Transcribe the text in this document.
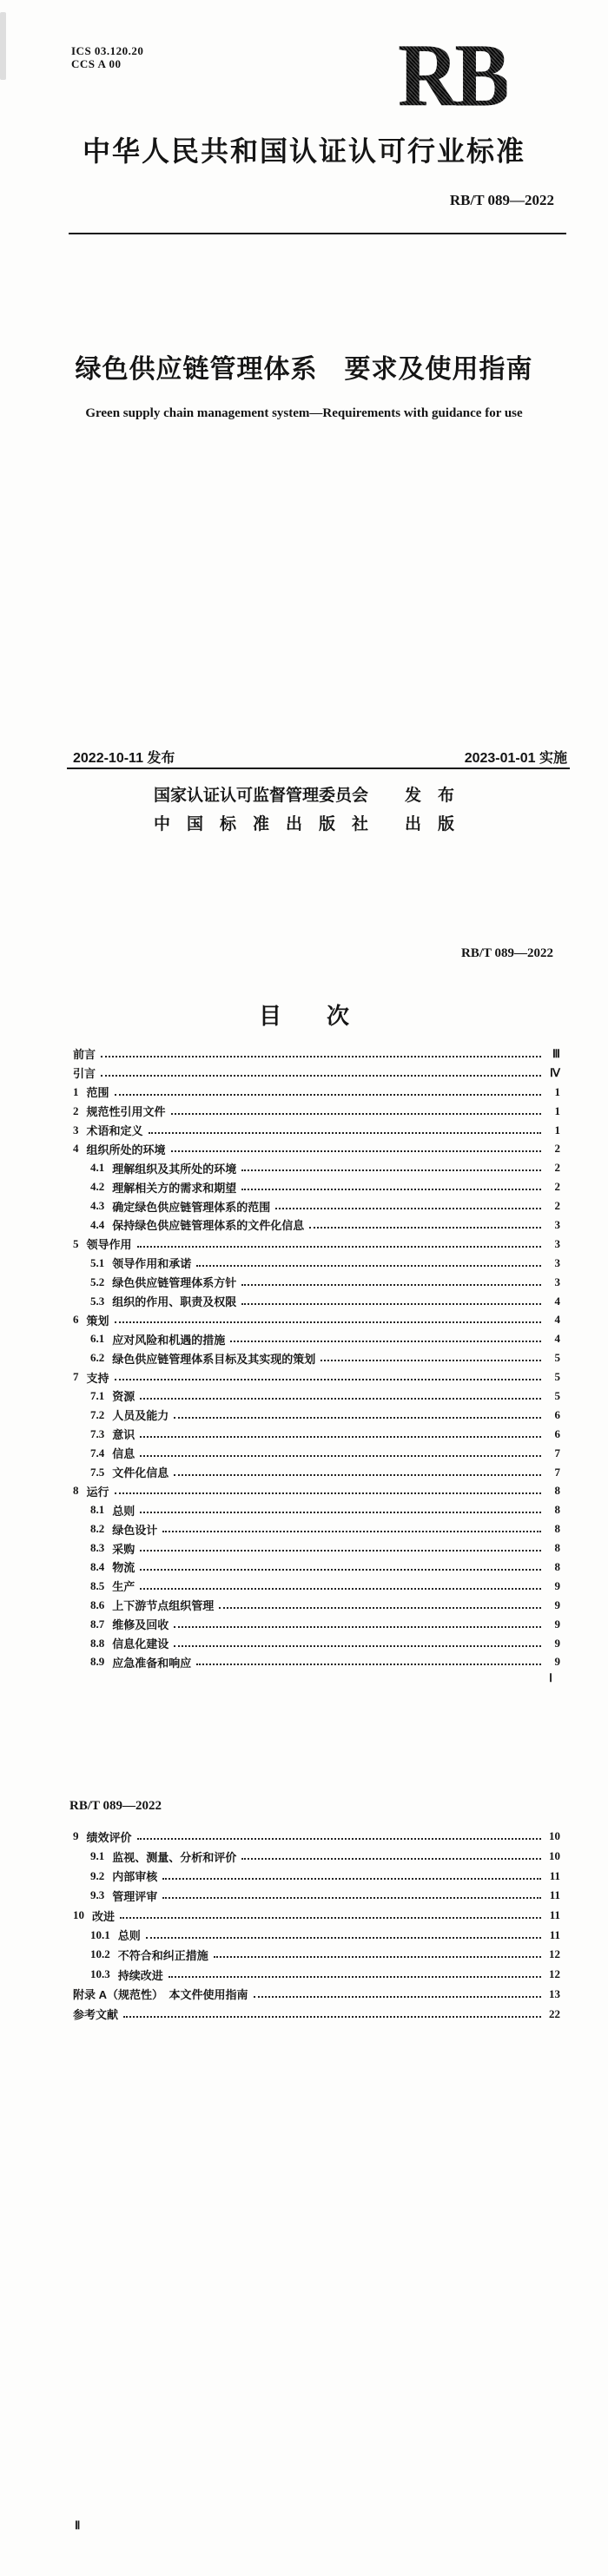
ICS 03.120.20
CCS A 00	RB
中华人民共和国认证认可行业标准
RB/T 089—2022
绿色供应链管理体系　要求及使用指南
Green supply chain management system—Requirements with guidance for use
2022-10-11 发布	2023-01-01 实施
国家认证认可监督管理委员会 发　布
中　国　标　准　出　版　社 出　版
RB/T 089—2022
目　　次
前言	Ⅲ
引言	Ⅳ
1 范围	1
2 规范性引用文件	1
3 术语和定义	1
4 组织所处的环境	2
4.1 理解组织及其所处的环境	2
4.2 理解相关方的需求和期望	2
4.3 确定绿色供应链管理体系的范围	2
4.4 保持绿色供应链管理体系的文件化信息	3
5 领导作用	3
5.1 领导作用和承诺	3
5.2 绿色供应链管理体系方针	3
5.3 组织的作用、职责及权限	4
6 策划	4
6.1 应对风险和机遇的措施	4
6.2 绿色供应链管理体系目标及其实现的策划	5
7 支持	5
7.1 资源	5
7.2 人员及能力	6
7.3 意识	6
7.4 信息	7
7.5 文件化信息	7
8 运行	8
8.1 总则	8
8.2 绿色设计	8
8.3 采购	8
8.4 物流	8
8.5 生产	9
8.6 上下游节点组织管理	9
8.7 维修及回收	9
8.8 信息化建设	9
8.9 应急准备和响应	9
Ⅰ
RB/T 089—2022
9 绩效评价	10
9.1 监视、测量、分析和评价	10
9.2 内部审核	11
9.3 管理评审	11
10 改进	11
10.1 总则	11
10.2 不符合和纠正措施	12
10.3 持续改进	12
附录 A（规范性）　本文件使用指南	13
参考文献	22
Ⅱ
